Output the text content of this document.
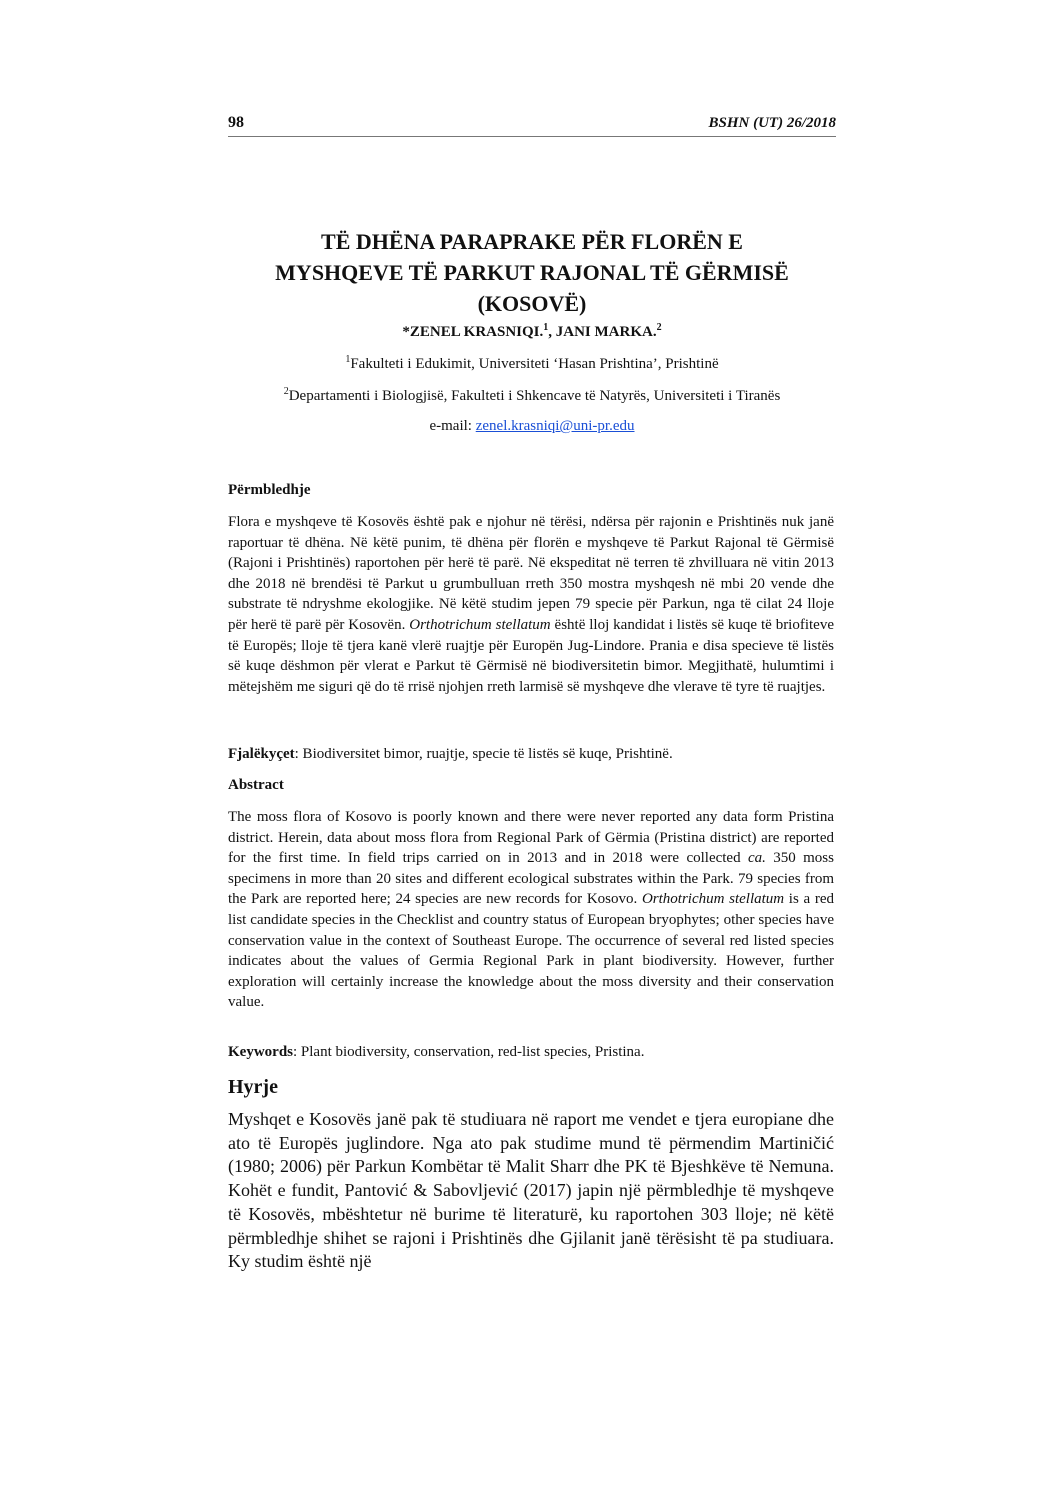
98	BSHN (UT) 26/2018
TË DHËNA PARAPRAKE PËR FLORËN E
MYSHQEVE TË PARKUT RAJONAL TË GËRMISË
(KOSOVË)
*ZENEL KRASNIQI.$^1$, JANI MARKA.$^2$
$^1$Fakulteti i Edukimit, Universiteti ‘Hasan Prishtina’, Prishtinë
$^2$Departamenti i Biologjisë, Fakulteti i Shkencave të Natyrës, Universiteti i Tiranës
e-mail: zenel.krasniqi@uni-pr.edu
Përmbledhje

Flora e myshqeve të Kosovës është pak e njohur në tërësi, ndërsa për rajonin e Prishtinës nuk janë raportuar të dhëna. Në këtë punim, të dhëna për florën e myshqeve të Parkut Rajonal të Gërmisë (Rajoni i Prishtinës) raportohen për herë të parë. Në ekspeditat në terren të zhvilluara në vitin 2013 dhe 2018 në brendësi të Parkut u grumbulluan rreth 350 mostra myshqesh në mbi 20 vende dhe substrate të ndryshme ekologjike. Në këtë studim jepen 79 specie për Parkun, nga të cilat 24 lloje për herë të parë për Kosovën. Orthotrichum stellatum është lloj kandidat i listës së kuqe të briofiteve të Europës; lloje të tjera kanë vlerë ruajtje për Europën Jug-Lindore. Prania e disa specieve të listës së kuqe dëshmon për vlerat e Parkut të Gërmisë në biodiversitetin bimor. Megjithatë, hulumtimi i mëtejshëm me siguri që do të rrisë njohjen rreth larmisë së myshqeve dhe vlerave të tyre të ruajtjes.

Fjalëkyçet: Biodiversitet bimor, ruajtje, specie të listës së kuqe, Prishtinë.

Abstract

The moss flora of Kosovo is poorly known and there were never reported any data form Pristina district. Herein, data about moss flora from Regional Park of Gërmia (Pristina district) are reported for the first time. In field trips carried on in 2013 and in 2018 were collected ca. 350 moss specimens in more than 20 sites and different ecological substrates within the Park. 79 species from the Park are reported here; 24 species are new records for Kosovo. Orthotrichum stellatum is a red list candidate species in the Checklist and country status of European bryophytes; other species have conservation value in the context of Southeast Europe. The occurrence of several red listed species indicates about the values of Germia Regional Park in plant biodiversity. However, further exploration will certainly increase the knowledge about the moss diversity and their conservation value.

Keywords: Plant biodiversity, conservation, red-list species, Pristina.

Hyrje

Myshqet e Kosovës janë pak të studiuara në raport me vendet e tjera europiane dhe ato të Europës juglindore. Nga ato pak studime mund të përmendim Martiničić (1980; 2006) për Parkun Kombëtar të Malit Sharr dhe PK të Bjeshkëve të Nemuna. Kohët e fundit, Pantović & Sabovljević (2017) japin një përmbledhje të myshqeve të Kosovës, mbështetur në burime të literaturë, ku raportohen 303 lloje; në këtë përmbledhje shihet se rajoni i Prishtinës dhe Gjilanit janë tërësisht të pa studiuara. Ky studim është një
